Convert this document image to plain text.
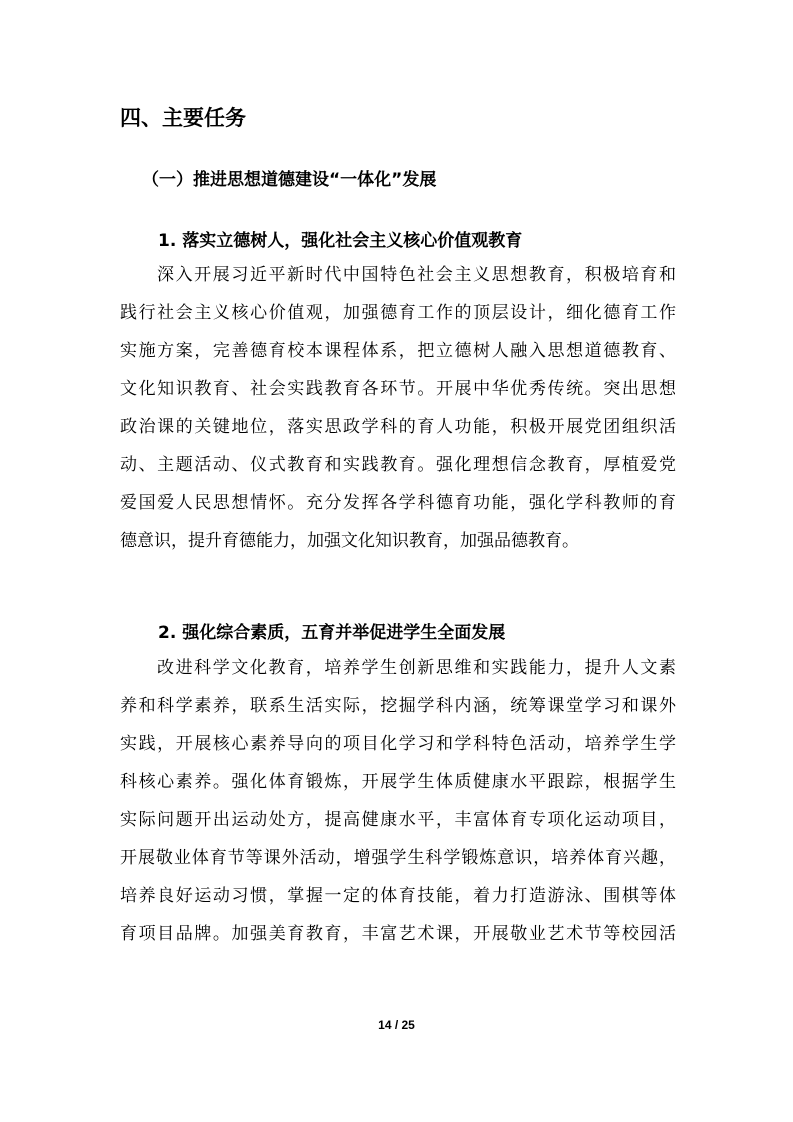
四、主要任务
（一）推进思想道德建设“一体化”发展
1. 落实立德树人，强化社会主义核心价值观教育
深入开展习近平新时代中国特色社会主义思想教育，积极培育和
践行社会主义核心价值观，加强德育工作的顶层设计，细化德育工作
实施方案，完善德育校本课程体系，把立德树人融入思想道德教育、
文化知识教育、社会实践教育各环节。开展中华优秀传统。突出思想
政治课的关键地位，落实思政学科的育人功能，积极开展党团组织活
动、主题活动、仪式教育和实践教育。强化理想信念教育，厚植爱党
爱国爱人民思想情怀。充分发挥各学科德育功能，强化学科教师的育
德意识，提升育德能力，加强文化知识教育，加强品德教育。
2. 强化综合素质，五育并举促进学生全面发展
改进科学文化教育，培养学生创新思维和实践能力，提升人文素
养和科学素养，联系生活实际，挖掘学科内涵，统筹课堂学习和课外
实践，开展核心素养导向的项目化学习和学科特色活动，培养学生学
科核心素养。强化体育锻炼，开展学生体质健康水平跟踪，根据学生
实际问题开出运动处方，提高健康水平，丰富体育专项化运动项目，
开展敬业体育节等课外活动，增强学生科学锻炼意识，培养体育兴趣，
培养良好运动习惯，掌握一定的体育技能，着力打造游泳、围棋等体
育项目品牌。加强美育教育，丰富艺术课，开展敬业艺术节等校园活
14 / 25
